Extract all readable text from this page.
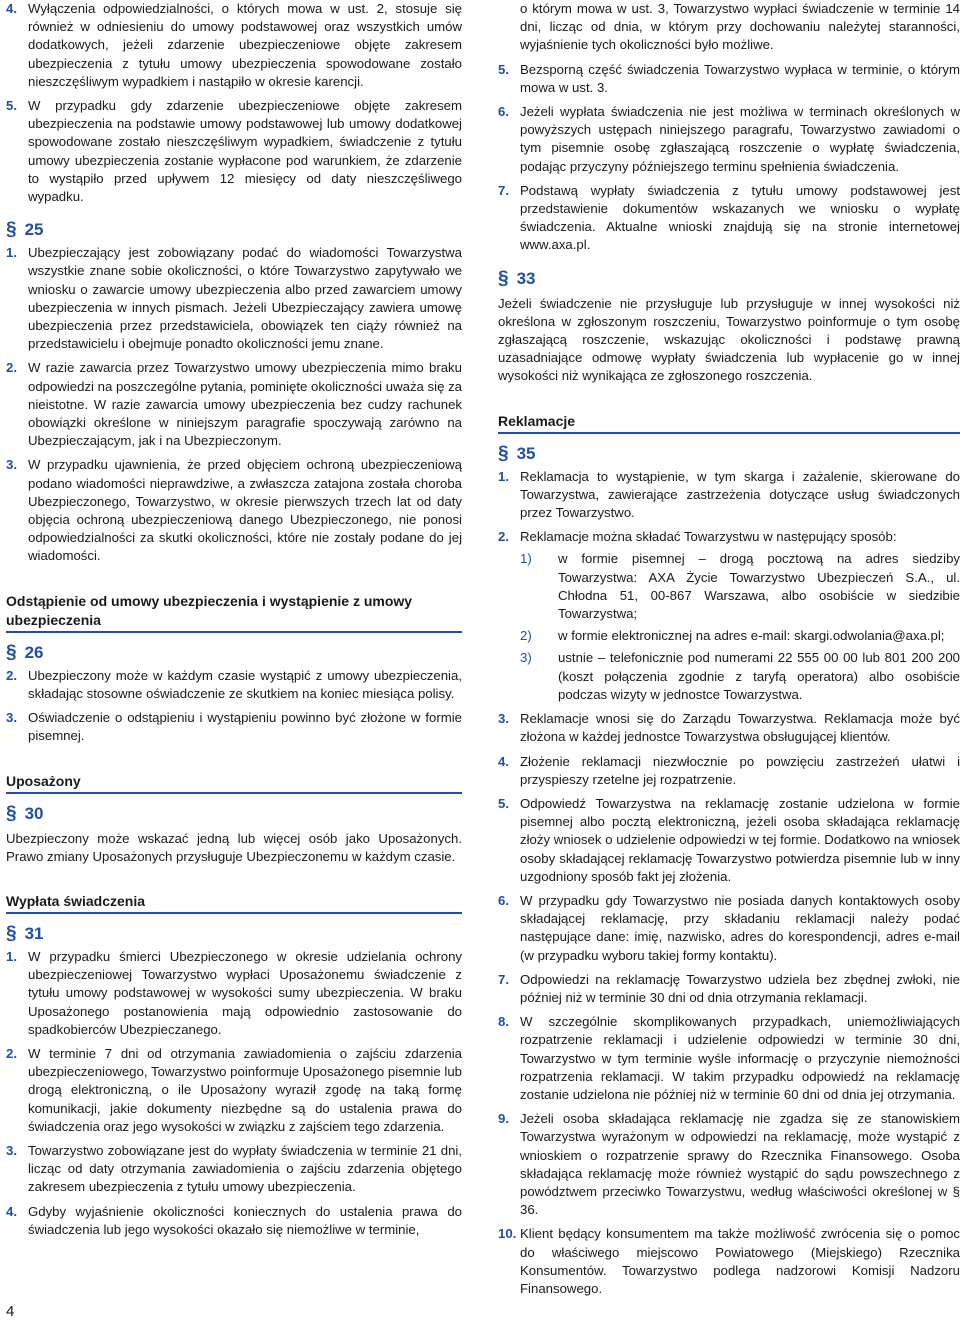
4. Wyłączenia odpowiedzialności, o których mowa w ust. 2, stosuje się również w odniesieniu do umowy podstawowej oraz wszystkich umów dodatkowych, jeżeli zdarzenie ubezpieczeniowe objęte zakresem ubezpieczenia z tytułu umowy ubezpieczenia spowodowane zostało nieszczęśliwym wypadkiem i nastąpiło w okresie karencji.
5. W przypadku gdy zdarzenie ubezpieczeniowe objęte zakresem ubezpieczenia na podstawie umowy podstawowej lub umowy dodatkowej spowodowane zostało nieszczęśliwym wypadkiem, świadczenie z tytułu umowy ubezpieczenia zostanie wypłacone pod warunkiem, że zdarzenie to wystąpiło przed upływem 12 miesięcy od daty nieszczęśliwego wypadku.
§ 25
1. Ubezpieczający jest zobowiązany podać do wiadomości Towarzystwa wszystkie znane sobie okoliczności, o które Towarzystwo zapytywało we wniosku o zawarcie umowy ubezpieczenia albo przed zawarciem umowy ubezpieczenia w innych pismach. Jeżeli Ubezpieczający zawiera umowę ubezpieczenia przez przedstawiciela, obowiązek ten ciąży również na przedstawicielu i obejmuje ponadto okoliczności jemu znane.
2. W razie zawarcia przez Towarzystwo umowy ubezpieczenia mimo braku odpowiedzi na poszczególne pytania, pominięte okoliczności uważa się za nieistotne. W razie zawarcia umowy ubezpieczenia bez cudzy rachunek obowiązki określone w niniejszym paragrafie spoczywają zarówno na Ubezpieczającym, jak i na Ubezpieczonym.
3. W przypadku ujawnienia, że przed objęciem ochroną ubezpieczeniową podano wiadomości nieprawdziwe, a zwłaszcza zatajona została choroba Ubezpieczonego, Towarzystwo, w okresie pierwszych trzech lat od daty objęcia ochroną ubezpieczeniową danego Ubezpieczonego, nie ponosi odpowiedzialności za skutki okoliczności, które nie zostały podane do jej wiadomości.
Odstąpienie od umowy ubezpieczenia i wystąpienie z umowy ubezpieczenia
§ 26
2. Ubezpieczony może w każdym czasie wystąpić z umowy ubezpieczenia, składając stosowne oświadczenie ze skutkiem na koniec miesiąca polisy.
3. Oświadczenie o odstąpieniu i wystąpieniu powinno być złożone w formie pisemnej.
Uposażony
§ 30

Ubezpieczony może wskazać jedną lub więcej osób jako Uposażonych. Prawo zmiany Uposażonych przysługuje Ubezpieczonemu w każdym czasie.

Wypłata świadczenia
§ 31
1. W przypadku śmierci Ubezpieczonego w okresie udzielania ochrony ubezpieczeniowej Towarzystwo wypłaci Uposażonemu świadczenie z tytułu umowy podstawowej w wysokości sumy ubezpieczenia. W braku Uposażonego postanowienia mają odpowiednio zastosowanie do spadkobierców Ubezpieczanego.
2. W terminie 7 dni od otrzymania zawiadomienia o zajściu zdarzenia ubezpieczeniowego, Towarzystwo poinformuje Uposażonego pisemnie lub drogą elektroniczną, o ile Uposażony wyraził zgodę na taką formę komunikacji, jakie dokumenty niezbędne są do ustalenia prawa do świadczenia oraz jego wysokości w związku z zajściem tego zdarzenia.
3. Towarzystwo zobowiązane jest do wypłaty świadczenia w terminie 21 dni, licząc od daty otrzymania zawiadomienia o zajściu zdarzenia objętego zakresem ubezpieczenia z tytułu umowy ubezpieczenia.
4. Gdyby wyjaśnienie okoliczności koniecznych do ustalenia prawa do świadczenia lub jego wysokości okazało się niemożliwe w terminie,
o którym mowa w ust. 3, Towarzystwo wypłaci świadczenie w terminie 14 dni, licząc od dnia, w którym przy dochowaniu należytej staranności, wyjaśnienie tych okoliczności było możliwe.
5. Bezsporną część świadczenia Towarzystwo wypłaca w terminie, o którym mowa w ust. 3.
6. Jeżeli wypłata świadczenia nie jest możliwa w terminach określonych w powyższych ustępach niniejszego paragrafu, Towarzystwo zawiadomi o tym pisemnie osobę zgłaszającą roszczenie o wypłatę świadczenia, podając przyczyny późniejszego terminu spełnienia świadczenia.
7. Podstawą wypłaty świadczenia z tytułu umowy podstawowej jest przedstawienie dokumentów wskazanych we wniosku o wypłatę świadczenia. Aktualne wnioski znajdują się na stronie internetowej www.axa.pl.
§ 33

Jeżeli świadczenie nie przysługuje lub przysługuje w innej wysokości niż określona w zgłoszonym roszczeniu, Towarzystwo poinformuje o tym osobę zgłaszającą roszczenie, wskazując okoliczności i podstawę prawną uzasadniające odmowę wypłaty świadczenia lub wypłacenie go w innej wysokości niż wynikająca ze zgłoszonego roszczenia.

Reklamacje
§ 35
1. Reklamacja to wystąpienie, w tym skarga i zażalenie, skierowane do Towarzystwa, zawierające zastrzeżenia dotyczące usług świadczonych przez Towarzystwo.
2. Reklamacje można składać Towarzystwu w następujący sposób:
1)	w formie pisemnej – drogą pocztową na adres siedziby Towarzystwa: AXA Życie Towarzystwo Ubezpieczeń S.A., ul. Chłodna 51, 00-867 Warszawa, albo osobiście w siedzibie Towarzystwa;
2)	w formie elektronicznej na adres e-mail: skargi.odwolania@axa.pl;
3)	ustnie – telefonicznie pod numerami 22 555 00 00 lub 801 200 200 (koszt połączenia zgodnie z taryfą operatora) albo osobiście podczas wizyty w jednostce Towarzystwa.
3. Reklamacje wnosi się do Zarządu Towarzystwa. Reklamacja może być złożona w każdej jednostce Towarzystwa obsługującej klientów.
4. Złożenie reklamacji niezwłocznie po powzięciu zastrzeżeń ułatwi i przyspieszy rzetelne jej rozpatrzenie.
5. Odpowiedź Towarzystwa na reklamację zostanie udzielona w formie pisemnej albo pocztą elektroniczną, jeżeli osoba składająca reklamację złoży wniosek o udzielenie odpowiedzi w tej formie. Dodatkowo na wniosek osoby składającej reklamację Towarzystwo potwierdza pisemnie lub w inny uzgodniony sposób fakt jej złożenia.
6. W przypadku gdy Towarzystwo nie posiada danych kontaktowych osoby składającej reklamację, przy składaniu reklamacji należy podać następujące dane: imię, nazwisko, adres do korespondencji, adres e-mail (w przypadku wyboru takiej formy kontaktu).
7. Odpowiedzi na reklamację Towarzystwo udziela bez zbędnej zwłoki, nie później niż w terminie 30 dni od dnia otrzymania reklamacji.
8. W szczególnie skomplikowanych przypadkach, uniemożliwiających rozpatrzenie reklamacji i udzielenie odpowiedzi w terminie 30 dni, Towarzystwo w tym terminie wyśle informację o przyczynie niemożności rozpatrzenia reklamacji. W takim przypadku odpowiedź na reklamację zostanie udzielona nie później niż w terminie 60 dni od dnia jej otrzymania.
9. Jeżeli osoba składająca reklamację nie zgadza się ze stanowiskiem Towarzystwa wyrażonym w odpowiedzi na reklamację, może wystąpić z wnioskiem o rozpatrzenie sprawy do Rzecznika Finansowego. Osoba składająca reklamację może również wystąpić do sądu powszechnego z powództwem przeciwko Towarzystwu, według właściwości określonej w § 36.
10. Klient będący konsumentem ma także możliwość zwrócenia się o pomoc do właściwego miejscowo Powiatowego (Miejskiego) Rzecznika Konsumentów. Towarzystwo podlega nadzorowi Komisji Nadzoru Finansowego.
4
